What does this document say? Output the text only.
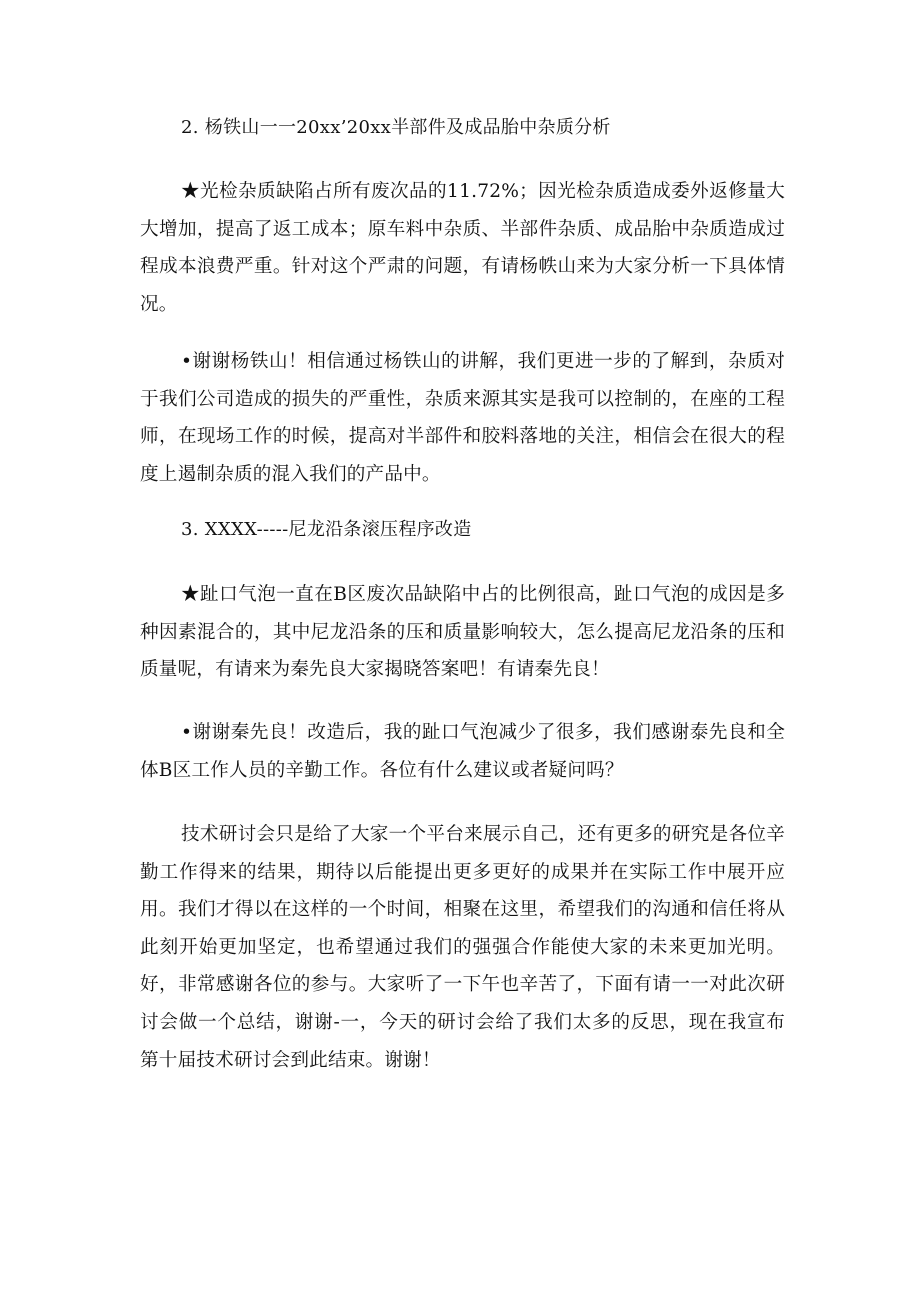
2. 杨铁山一一20xx’20xx半部件及成品胎中杂质分析

★光检杂质缺陷占所有废次品的11.72%；因光检杂质造成委外返修量大大增加，提高了返工成本；原车料中杂质、半部件杂质、成品胎中杂质造成过程成本浪费严重。针对这个严肃的问题，有请杨帙山来为大家分析一下具体情况。

•谢谢杨铁山！相信通过杨铁山的讲解，我们更进一步的了解到，杂质对于我们公司造成的损失的严重性，杂质来源其实是我可以控制的，在座的工程师，在现场工作的时候，提高对半部件和胶料落地的关注，相信会在很大的程度上遏制杂质的混入我们的产品中。

3. XXXX-----尼龙沿条滚压程序改造

★趾口气泡一直在B区废次品缺陷中占的比例很高，趾口气泡的成因是多种因素混合的，其中尼龙沿条的压和质量影响较大，怎么提高尼龙沿条的压和质量呢，有请来为秦先良大家揭晓答案吧！有请秦先良！

•谢谢秦先良！改造后，我的趾口气泡减少了很多，我们感谢泰先良和全体B区工作人员的辛勤工作。各位有什么建议或者疑问吗？

技术研讨会只是给了大家一个平台来展示自己，还有更多的研究是各位辛勤工作得来的结果，期待以后能提出更多更好的成果并在实际工作中展开应用。我们才得以在这样的一个时间，相聚在这里，希望我们的沟通和信任将从此刻开始更加坚定，也希望通过我们的强强合作能使大家的未来更加光明。好，非常感谢各位的参与。大家听了一下午也辛苦了，下面有请一一对此次研讨会做一个总结，谢谢-一，今天的研讨会给了我们太多的反思，现在我宣布第十届技术研讨会到此结束。谢谢！
